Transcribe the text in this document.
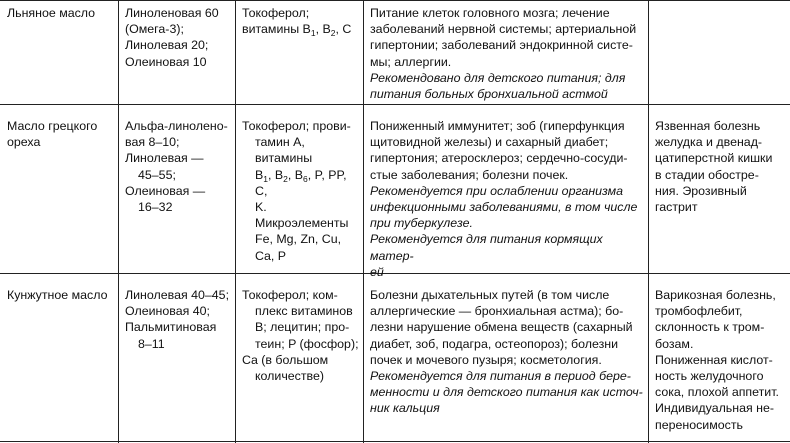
Льняное масло	Линоленовая 60
(Омега-3);
Линолевая 20;
Олеиновая 10
Токоферол;
витамины $B_1$, $B_2$, C
Питание клеток головного мозга; лечение
заболеваний нервной системы; артериальной
гипертонии; заболеваний эндокринной систе-
мы; аллергии.
Рекомендовано для детского питания; для
питания больных бронхиальной астмой
Масло грецкого
ореха
Альфа-линолено-
вая 8–10;
Линолевая —
45–55;
Олеиновая —
16–32
Токоферол; прови-
тамин A, витамины
$B_1$, $B_2$, $B_6$, P, PP, C,
K. Микроэлементы
Fe, Mg, Zn, Cu,
Ca, P
Пониженный иммунитет; зоб (гиперфункция
щитовидной железы) и сахарный диабет;
гипертония; атеросклероз; сердечно-сосуди-
стые заболевания; болезни почек.
Рекомендуется при ослаблении организма
инфекционными заболеваниями, в том числе
при туберкулезе.
Рекомендуется для питания кормящих матер-
ей
Язвенная болезнь
желудка и двенад-
цатиперстной кишки
в стадии обостре-
ния. Эрозивный
гастрит
Кунжутное масло	Линолевая 40–45;
Олеиновая 40;
Пальмитиновая
8–11
Токоферол; ком-
плекс витаминов
B; лецитин; про-
теин; P (фосфор);
Ca (в большом
количестве)
Болезни дыхательных путей (в том числе
аллергические — бронхиальная астма); бо-
лезни нарушение обмена веществ (сахарный
диабет, зоб, подагра, остеопороз); болезни
почек и мочевого пузыря; косметология.
Рекомендуется для питания в период бере-
менности и для детского питания как источ-
ник кальция
Варикозная болезнь,
тромбофлебит,
склонность к тром-
бозам.
Пониженная кислот-
ность желудочного
сока, плохой аппетит.
Индивидуальная не-
переносимость
